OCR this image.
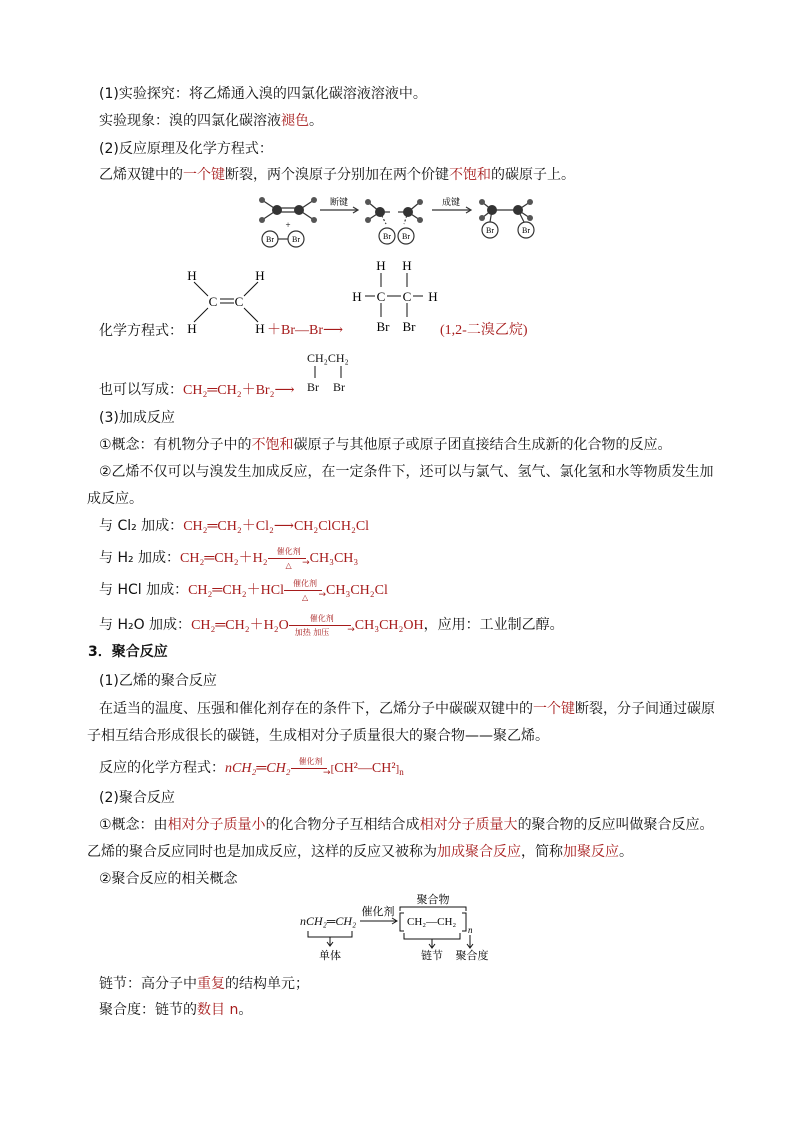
(1)实验探究：将乙烯通入溴的四氯化碳溶液溶液中。
实验现象：溴的四氯化碳溶液褪色。
(2)反应原理及化学方程式：
乙烯双键中的一个键断裂，两个溴原子分别加在两个价键不饱和的碳原子上。
+
断键	成键
Br Br	Br Br
Br	Br
H	H
C C
H	H
H H
H C C H
Br Br
化学方程式：	＋Br—Br⟶	(1,2-二溴乙烷)
CH₂CH₂
Br Br
也可以写成：CH₂═CH₂＋Br₂⟶
(3)加成反应
①概念：有机物分子中的不饱和碳原子与其他原子或原子团直接结合生成新的化合物的反应。
②乙烯不仅可以与溴发生加成反应，在一定条件下，还可以与氯气、氢气、氯化氢和水等物质发生加
成反应。
与 Cl₂ 加成：CH₂═CH₂＋Cl₂⟶CH₂ClCH₂Cl
与 H₂ 加成：CH₂═CH₂＋H₂	催化剂
→
△	CH₃CH₃
与 HCl 加成：CH₂═CH₂＋HCl	催化剂
→
△	CH₃CH₂Cl
与 H₂O 加成：CH₂═CH₂＋H₂O	催化剂
→
加热 加压	CH₃CH₂OH，应用：工业制乙醇。
3．聚合反应
(1)乙烯的聚合反应
在适当的温度、压强和催化剂存在的条件下，乙烯分子中碳碳双键中的一个键断裂，分子间通过碳原
子相互结合形成很长的碳链，生成相对分子质量很大的聚合物——聚乙烯。
反应的化学方程式：nCH₂═CH₂	催化剂
→ $[CH^2—CH^2]_n$
(2)聚合反应
①概念：由相对分子质量小的化合物分子互相结合成相对分子质量大的聚合物的反应叫做聚合反应。
乙烯的聚合反应同时也是加成反应，这样的反应又被称为加成聚合反应，简称加聚反应。
②聚合反应的相关概念
nCH₂═CH₂
催化剂
聚合物
CH₂—CH₂
n
单体	链节 聚合度
链节：高分子中重复的结构单元；
聚合度：链节的数目 n。
